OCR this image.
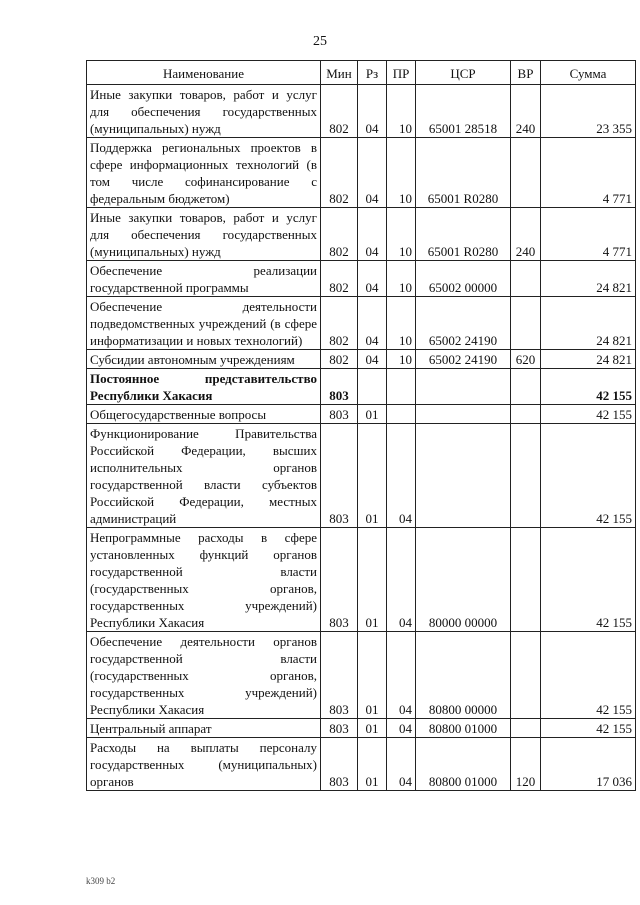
25
Наименование	Мин	Рз	ПР	ЦСР	ВР	Сумма
Иные закупки товаров, работ и услуг для обеспечения государственных (муниципальных) нужд	802	04	10	65001 28518	240	23 355
Поддержка региональных проектов в сфере информационных технологий (в том числе софинансирование с федеральным бюджетом)	802	04	10	65001 R0280		4 771
Иные закупки товаров, работ и услуг для обеспечения государственных (муниципальных) нужд	802	04	10	65001 R0280	240	4 771
Обеспечение реализации государственной программы	802	04	10	65002 00000		24 821
Обеспечение деятельности подведомственных учреждений (в сфере информатизации и новых технологий)	802	04	10	65002 24190		24 821
Субсидии автономным учреждениям	802	04	10	65002 24190	620	24 821
Постоянное представительство Республики Хакасия	803					42 155
Общегосударственные вопросы	803	01				42 155
Функционирование Правительства Российской Федерации, высших исполнительных органов государственной власти субъектов Российской Федерации, местных администраций	803	01	04			42 155
Непрограммные расходы в сфере установленных функций органов государственной власти (государственных органов, государственных учреждений) Республики Хакасия	803	01	04	80000 00000		42 155
Обеспечение деятельности органов государственной власти (государственных органов, государственных учреждений) Республики Хакасия	803	01	04	80800 00000		42 155
Центральный аппарат	803	01	04	80800 01000		42 155
Расходы на выплаты персоналу государственных (муниципальных) органов	803	01	04	80800 01000	120	17 036
k309 b2
